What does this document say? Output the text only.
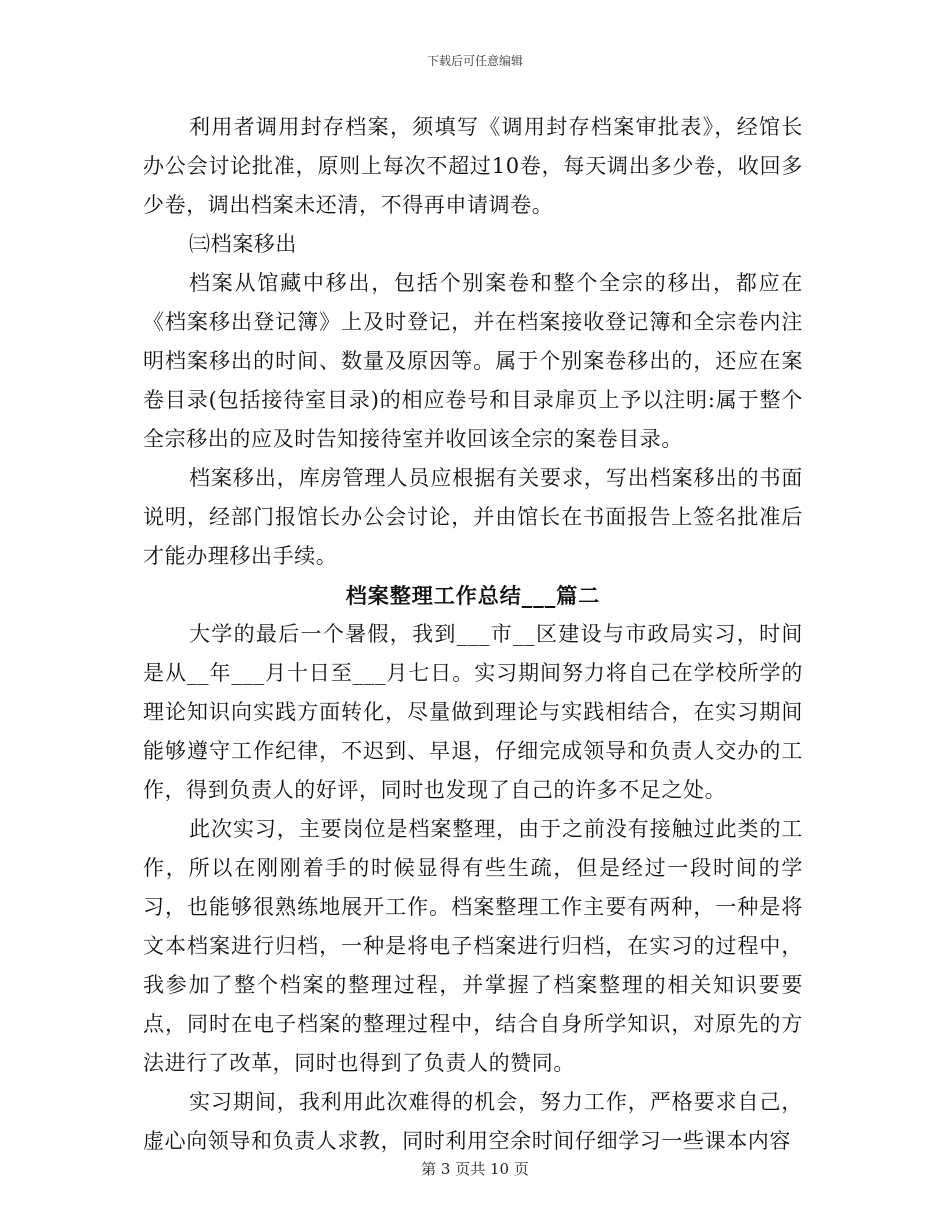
下载后可任意编辑

利用者调用封存档案，须填写《调用封存档案审批表》，经馆长办公会讨论批准，原则上每次不超过10卷，每天调出多少卷，收回多少卷，调出档案未还清，不得再申请调卷。

㈢档案移出

档案从馆藏中移出，包括个别案卷和整个全宗的移出，都应在《档案移出登记簿》上及时登记，并在档案接收登记簿和全宗卷内注明档案移出的时间、数量及原因等。属于个别案卷移出的，还应在案卷目录(包括接待室目录)的相应卷号和目录扉页上予以注明:属于整个全宗移出的应及时告知接待室并收回该全宗的案卷目录。

档案移出，库房管理人员应根据有关要求，写出档案移出的书面说明，经部门报馆长办公会讨论，并由馆长在书面报告上签名批准后才能办理移出手续。

档案整理工作总结___篇二

大学的最后一个暑假，我到___市__区建设与市政局实习，时间是从__年___月十日至___月七日。实习期间努力将自己在学校所学的理论知识向实践方面转化，尽量做到理论与实践相结合，在实习期间能够遵守工作纪律，不迟到、早退，仔细完成领导和负责人交办的工作，得到负责人的好评，同时也发现了自己的许多不足之处。

此次实习，主要岗位是档案整理，由于之前没有接触过此类的工作，所以在刚刚着手的时候显得有些生疏，但是经过一段时间的学习，也能够很熟练地展开工作。档案整理工作主要有两种，一种是将文本档案进行归档，一种是将电子档案进行归档，在实习的过程中，我参加了整个档案的整理过程，并掌握了档案整理的相关知识要要点，同时在电子档案的整理过程中，结合自身所学知识，对原先的方法进行了改革，同时也得到了负责人的赞同。

实习期间，我利用此次难得的机会，努力工作，严格要求自己，虚心向领导和负责人求教，同时利用空余时间仔细学习一些课本内容

第 3 页共 10 页
